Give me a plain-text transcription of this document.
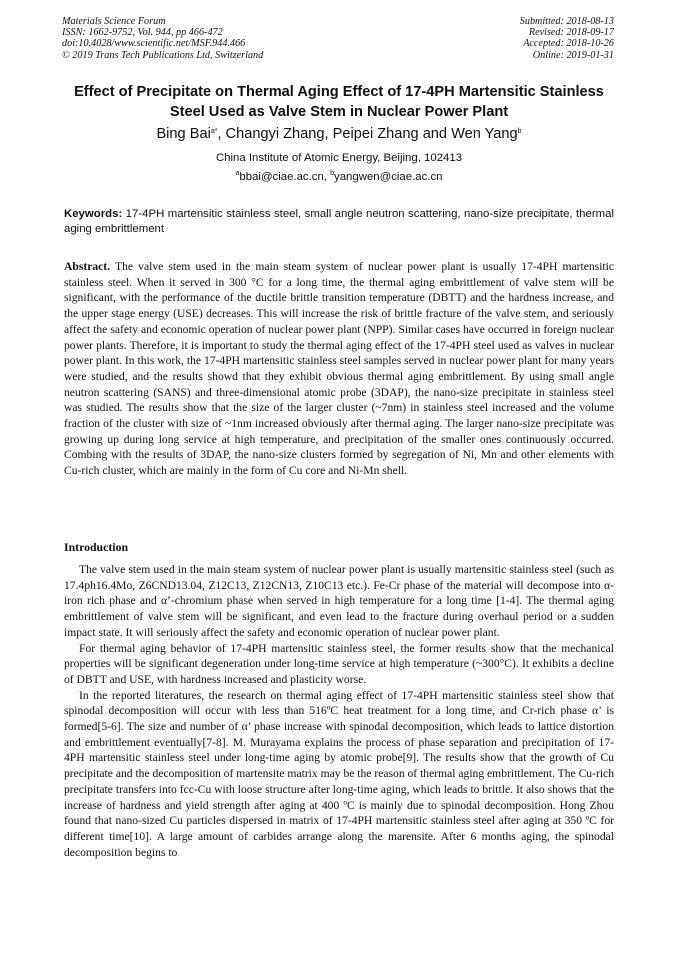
Materials Science Forum
ISSN: 1662-9752, Vol. 944, pp 466-472
doi:10.4028/www.scientific.net/MSF.944.466
© 2019 Trans Tech Publications Ltd, Switzerland
Submitted: 2018-08-13
Revised: 2018-09-17
Accepted: 2018-10-26
Online: 2019-01-31
Effect of Precipitate on Thermal Aging Effect of 17-4PH Martensitic Stainless Steel Used as Valve Stem in Nuclear Power Plant
Bing Bai$^{a*}$, Changyi Zhang, Peipei Zhang and Wen Yang$^b$
China Institute of Atomic Energy, Beijing, 102413
$^a$bbai@ciae.ac.cn, $^b$yangwen@ciae.ac.cn
Keywords: 17-4PH martensitic stainless steel, small angle neutron scattering, nano-size precipitate, thermal aging embrittlement
Abstract. The valve stem used in the main steam system of nuclear power plant is usually 17-4PH martensitic stainless steel. When it served in 300 °C for a long time, the thermal aging embrittlement of valve stem will be significant, with the performance of the ductile brittle transition temperature (DBTT) and the hardness increase, and the upper stage energy (USE) decreases. This will increase the risk of brittle fracture of the valve stem, and seriously affect the safety and economic operation of nuclear power plant (NPP). Similar cases have occurred in foreign nuclear power plants. Therefore, it is important to study the thermal aging effect of the 17-4PH steel used as valves in nuclear power plant. In this work, the 17-4PH martensitic stainless steel samples served in nuclear power plant for many years were studied, and the results showd that they exhibit obvious thermal aging embrittlement. By using small angle neutron scattering (SANS) and three-dimensional atomic probe (3DAP), the nano-size precipitate in stainless steel was studied. The results show that the size of the larger cluster (~7nm) in stainless steel increased and the volume fraction of the cluster with size of ~1nm increased obviously after thermal aging. The larger nano-size precipitate was growing up during long service at high temperature, and precipitation of the smaller ones continuously occurred. Combing with the results of 3DAP, the nano-size clusters formed by segregation of Ni, Mn and other elements with Cu-rich cluster, which are mainly in the form of Cu core and Ni-Mn shell.
Introduction

The valve stem used in the main steam system of nuclear power plant is usually martensitic stainless steel (such as 17.4ph16.4Mo, Z6CND13.04, Z12C13, Z12CN13, Z10C13 etc.). Fe-Cr phase of the material will decompose into α-iron rich phase and α’-chromium phase when served in high temperature for a long time [1-4]. The thermal aging embrittlement of valve stem will be significant, and even lead to the fracture during overhaul period or a sudden impact state. It will seriously affect the safety and economic operation of nuclear power plant.

For thermal aging behavior of 17-4PH martensitic stainless steel, the former results show that the mechanical properties will be significant degeneration under long-time service at high temperature (~300°C). It exhibits a decline of DBTT and USE, with hardness increased and plasticity worse.

In the reported literatures, the research on thermal aging effect of 17-4PH martensitic stainless steel show that spinodal decomposition will occur with less than 516ºC heat treatment for a long time, and Cr-rich phase α’ is formed[5-6]. The size and number of α’ phase increase with spinodal decomposition, which leads to lattice distortion and embrittlement eventually[7-8]. M. Murayama explains the process of phase separation and precipitation of 17-4PH martensitic stainless steel under long-time aging by atomic probe[9]. The results show that the growth of Cu precipitate and the decomposition of martensite matrix may be the reason of thermal aging embrittlement. The Cu-rich precipitate transfers into fcc-Cu with loose structure after long-time aging, which leads to brittle. It also shows that the increase of hardness and yield strength after aging at 400 ºC is mainly due to spinodal decomposition. Hong Zhou found that nano-sized Cu particles dispersed in matrix of 17-4PH martensitic stainless steel after aging at 350 ºC for different time[10]. A large amount of carbides arrange along the marensite. After 6 months aging, the spinodal decomposition begins to
